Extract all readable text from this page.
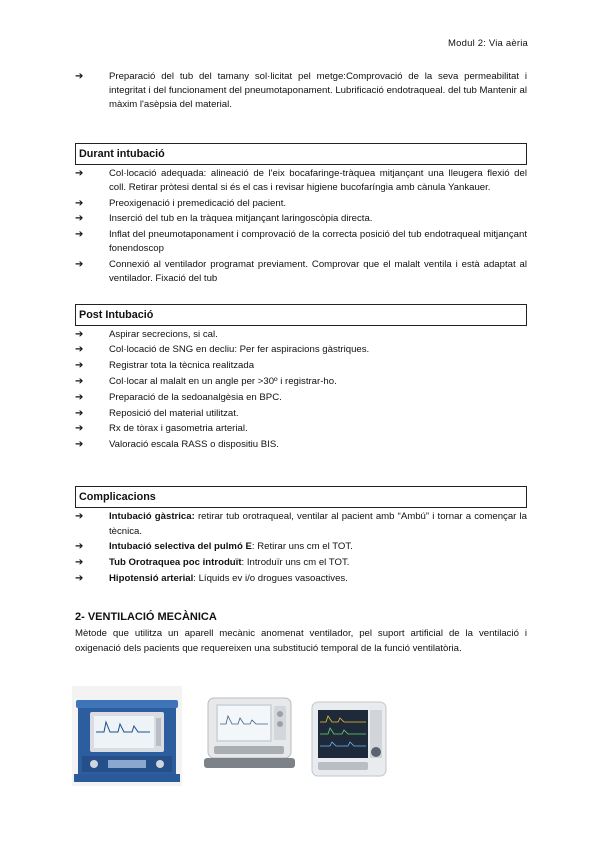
Modul 2: Via aèria
➔	Preparació del tub del tamany sol·licitat pel metge:Comprovació de la seva permeabilitat i integritat i del funcionament del pneumotaponament. Lubrificació endotraqueal. del tub Mantenir al màxim l'asèpsia del material.
Durant intubació
➔	Col·locació adequada: alineació de l'eix bocafaringe-tràquea mitjançant una lleugera flexió del coll. Retirar pròtesi dental si és el cas i revisar higiene bucofaríngia amb cànula Yankauer.
➔	Preoxigenació i premedicació del pacient.
➔	Inserció del tub en la tràquea mitjançant laringoscòpia directa.
➔	Inflat del pneumotaponament i comprovació de la correcta posició del tub endotraqueal mitjançant fonendoscop
➔	Connexió al ventilador programat previament. Comprovar que el malalt ventila i està adaptat al ventilador. Fixació del tub
Post Intubació
➔	Aspirar secrecions, si cal.
➔	Col·locació de SNG en decliu: Per fer aspiracions gàstriques.
➔	Registrar tota la tècnica realitzada
➔	Col·locar al malalt en un angle per >30º i registrar-ho.
➔	Preparació de la sedoanalgèsia en BPC.
➔	Reposició del material utilitzat.
➔	Rx de tòrax i gasometria arterial.
➔	Valoració escala RASS o dispositiu BIS.
Complicacions
➔	Intubació gàstrica: retirar tub orotraqueal, ventilar al pacient amb “Ambú” i tornar a començar la tècnica.
➔	Intubació selectiva del pulmó E: Retirar uns cm el TOT.
➔	Tub Orotraquea poc introduït: Introduïr uns cm el TOT.
➔	Hipotensió arterial: Líquids ev i/o drogues vasoactives.
2- VENTILACIÓ MECÀNICA
Mètode que utilitza un aparell mecànic anomenat ventilador, pel suport artificial de la ventilació i oxigenació dels pacients que requereixen una substitució temporal de la funció ventilatòria.
